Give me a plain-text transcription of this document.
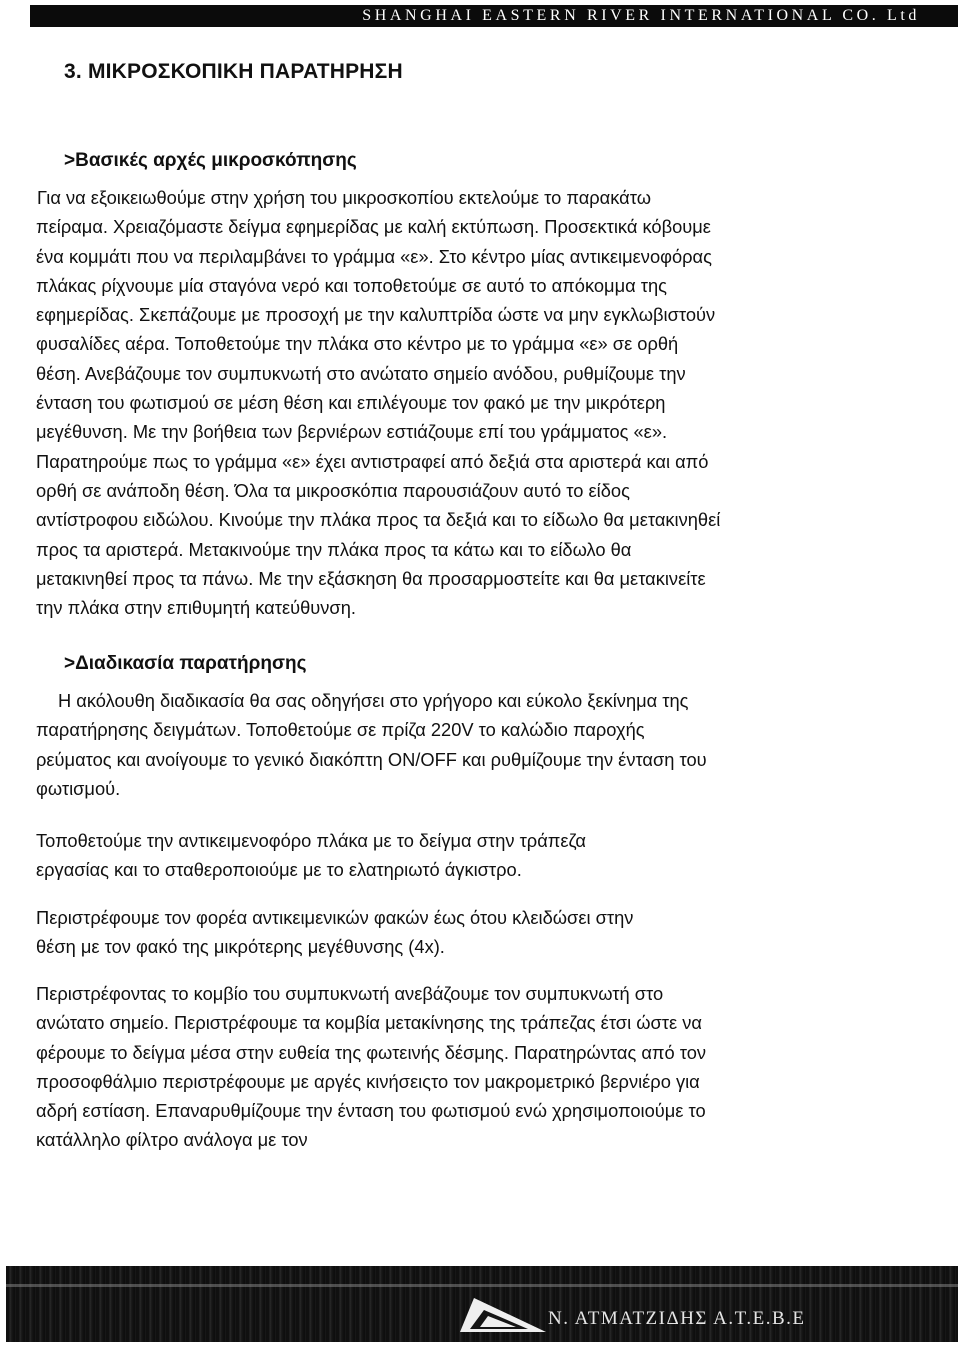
SHANGHAI EASTERN RIVER INTERNATIONAL CO. Ltd
3. ΜΙΚΡΟΣΚΟΠΙΚΗ ΠΑΡΑΤΗΡΗΣΗ
>Βασικές αρχές μικροσκόπησης
Για να εξοικειωθούμε στην χρήση του μικροσκοπίου εκτελούμε το παρακάτω
πείραμα. Χρειαζόμαστε δείγμα εφημερίδας με καλή εκτύπωση. Προσεκτικά κόβουμε
ένα κομμάτι που να περιλαμβάνει το γράμμα «ε». Στο κέντρο μίας αντικειμενοφόρας
πλάκας ρίχνουμε μία σταγόνα νερό και τοποθετούμε σε αυτό το απόκομμα της
εφημερίδας. Σκεπάζουμε με προσοχή με την καλυπτρίδα ώστε να μην εγκλωβιστούν
φυσαλίδες αέρα. Τοποθετούμε την πλάκα στο κέντρο με το γράμμα «ε» σε ορθή
θέση. Ανεβάζουμε τον συμπυκνωτή στο ανώτατο σημείο ανόδου, ρυθμίζουμε την
ένταση του φωτισμού σε μέση θέση και επιλέγουμε τον φακό με την μικρότερη
μεγέθυνση. Με την βοήθεια των βερνιέρων εστιάζουμε επί του γράμματος «ε».
Παρατηρούμε πως το γράμμα «ε» έχει αντιστραφεί από δεξιά στα αριστερά και από
ορθή σε ανάποδη θέση. Όλα τα μικροσκόπια παρουσιάζουν αυτό το είδος
αντίστροφου ειδώλου. Κινούμε την πλάκα προς τα δεξιά και το είδωλο θα μετακινηθεί
προς τα αριστερά. Μετακινούμε την πλάκα προς τα κάτω και το είδωλο θα
μετακινηθεί προς τα πάνω. Με την εξάσκηση θα προσαρμοστείτε και θα μετακινείτε
την πλάκα στην επιθυμητή κατεύθυνση.
>Διαδικασία παρατήρησης
Η ακόλουθη διαδικασία θα σας οδηγήσει στο γρήγορο και εύκολο ξεκίνημα της
παρατήρησης δειγμάτων. Τοποθετούμε σε πρίζα 220V το καλώδιο παροχής
ρεύματος και ανοίγουμε το γενικό διακόπτη ON/OFF και ρυθμίζουμε την ένταση του
φωτισμού.
Τοποθετούμε την αντικειμενοφόρο πλάκα με το δείγμα στην τράπεζα
εργασίας και το σταθεροποιούμε με το ελατηριωτό άγκιστρο.
Περιστρέφουμε τον φορέα αντικειμενικών φακών έως ότου κλειδώσει στην
θέση με τον φακό της μικρότερης μεγέθυνσης (4x).
Περιστρέφοντας το κομβίο του συμπυκνωτή ανεβάζουμε τον συμπυκνωτή στο
ανώτατο σημείο. Περιστρέφουμε τα κομβία μετακίνησης της τράπεζας έτσι ώστε να
φέρουμε το δείγμα μέσα στην ευθεία της φωτεινής δέσμης. Παρατηρώντας από τον
προσοφθάλμιο περιστρέφουμε με αργές κινήσειςτο τον μακρομετρικό βερνιέρο για
αδρή εστίαση. Επαναρυθμίζουμε την ένταση του φωτισμού ενώ χρησιμοποιούμε το
κατάλληλο φίλτρο ανάλογα με τον
Ν. ΑΤΜΑΤΖΙΔΗΣ Α.Τ.Ε.Β.Ε
